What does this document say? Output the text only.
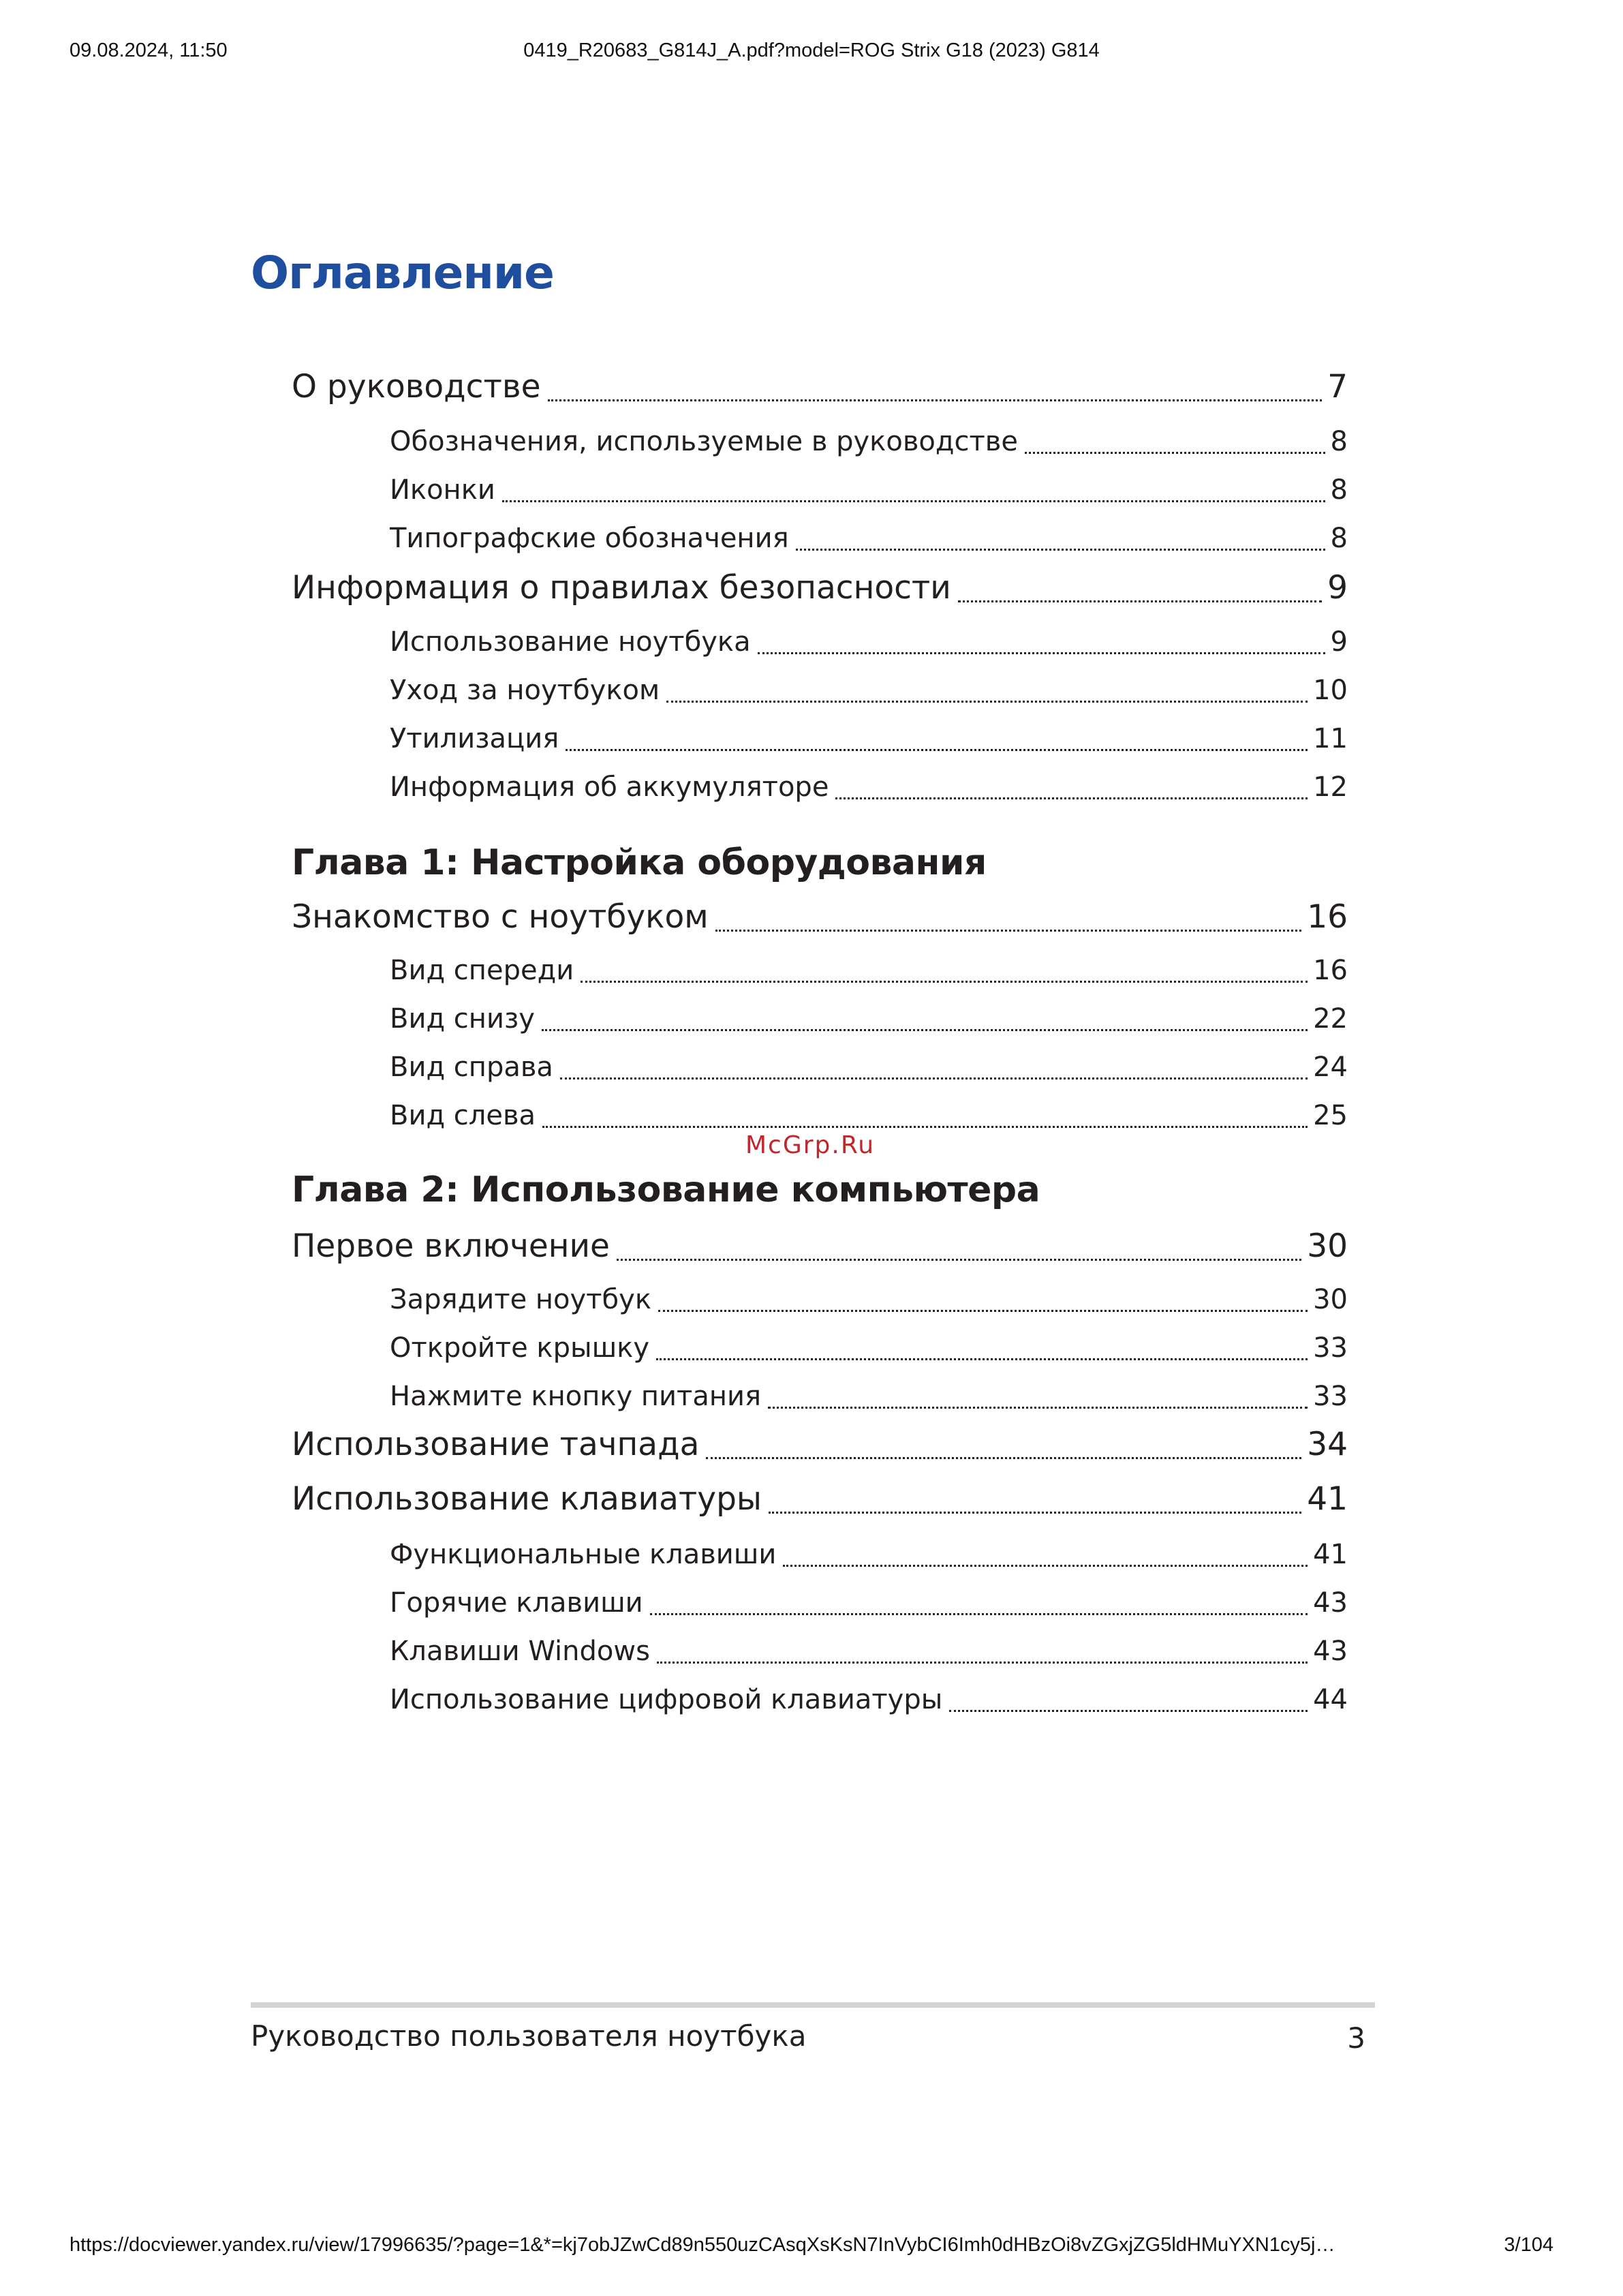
09.08.2024, 11:50	0419_R20683_G814J_A.pdf?model=ROG Strix G18 (2023) G814
Оглавление
О руководстве	7
Обозначения, используемые в руководстве	8
Иконки	8
Типографские обозначения	8
Информация о правилах безопасности	9
Использование ноутбука	9
Уход за ноутбуком	10
Утилизация	11
Информация об аккумуляторе	12
Глава 1: Настройка оборудования
Знакомство с ноутбуком	16
Вид спереди	16
Вид снизу	22
Вид справа	24
Вид слева	25
Глава 2: Использование компьютера
Первое включение	30
Зарядите ноутбук	30
Откройте крышку	33
Нажмите кнопку питания	33
Использование тачпада	34
Использование клавиатуры	41
Функциональные клавиши	41
Горячие клавиши	43
Клавиши Windows	43
Использование цифровой клавиатуры	44
McGrp.Ru
Руководство пользователя ноутбука	3
https://docviewer.yandex.ru/view/17996635/?page=1&*=kj7obJZwCd89n550uzCAsqXsKsN7InVybCI6Imh0dHBzOi8vZGxjZG5ldHMuYXN1cy5j…	3/104
